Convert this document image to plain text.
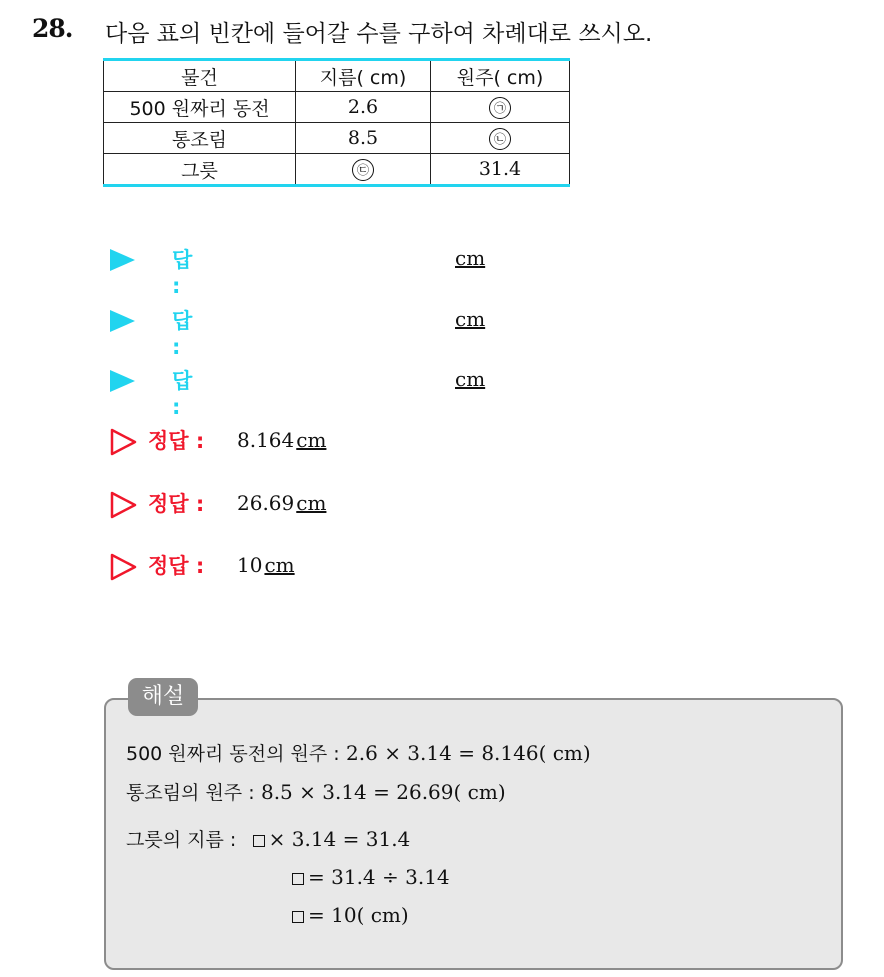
28. 다음 표의 빈칸에 들어갈 수를 구하여 차례대로 쓰시오.
물건	지름( cm)	원주( cm)
500 원짜리 동전	2.6	㉠
통조림	8.5	㉡
그릇	㉢	31.4
답 :
cm
답 :
cm
답 :
cm
정답 : 8.164 cm
정답 : 26.69 cm
정답 : 10 cm
해설
500 원짜리 동전의 원주 : 2.6 × 3.14 = 8.146( cm)
통조림의 원주 : 8.5 × 3.14 = 26.69( cm)
그릇의 지름 : × 3.14 = 31.4
= 31.4 ÷ 3.14
= 10( cm)
